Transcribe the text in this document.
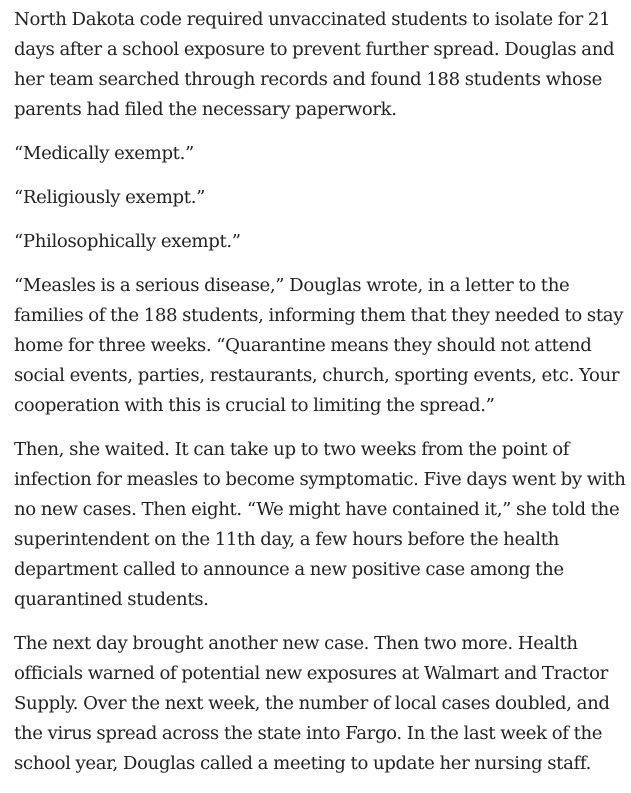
North Dakota code required unvaccinated students to isolate for 21 days after a school exposure to prevent further spread. Douglas and her team searched through records and found 188 students whose parents had filed the necessary paperwork.

“Medically exempt.”

“Religiously exempt.”

“Philosophically exempt.”

“Measles is a serious disease,” Douglas wrote, in a letter to the families of the 188 students, informing them that they needed to stay home for three weeks. “Quarantine means they should not attend social events, parties, restaurants, church, sporting events, etc. Your cooperation with this is crucial to limiting the spread.”

Then, she waited. It can take up to two weeks from the point of infection for measles to become symptomatic. Five days went by with no new cases. Then eight. “We might have contained it,” she told the superintendent on the 11th day, a few hours before the health department called to announce a new positive case among the quarantined students.

The next day brought another new case. Then two more. Health officials warned of potential new exposures at Walmart and Tractor Supply. Over the next week, the number of local cases doubled, and the virus spread across the state into Fargo. In the last week of the school year, Douglas called a meeting to update her nursing staff.
